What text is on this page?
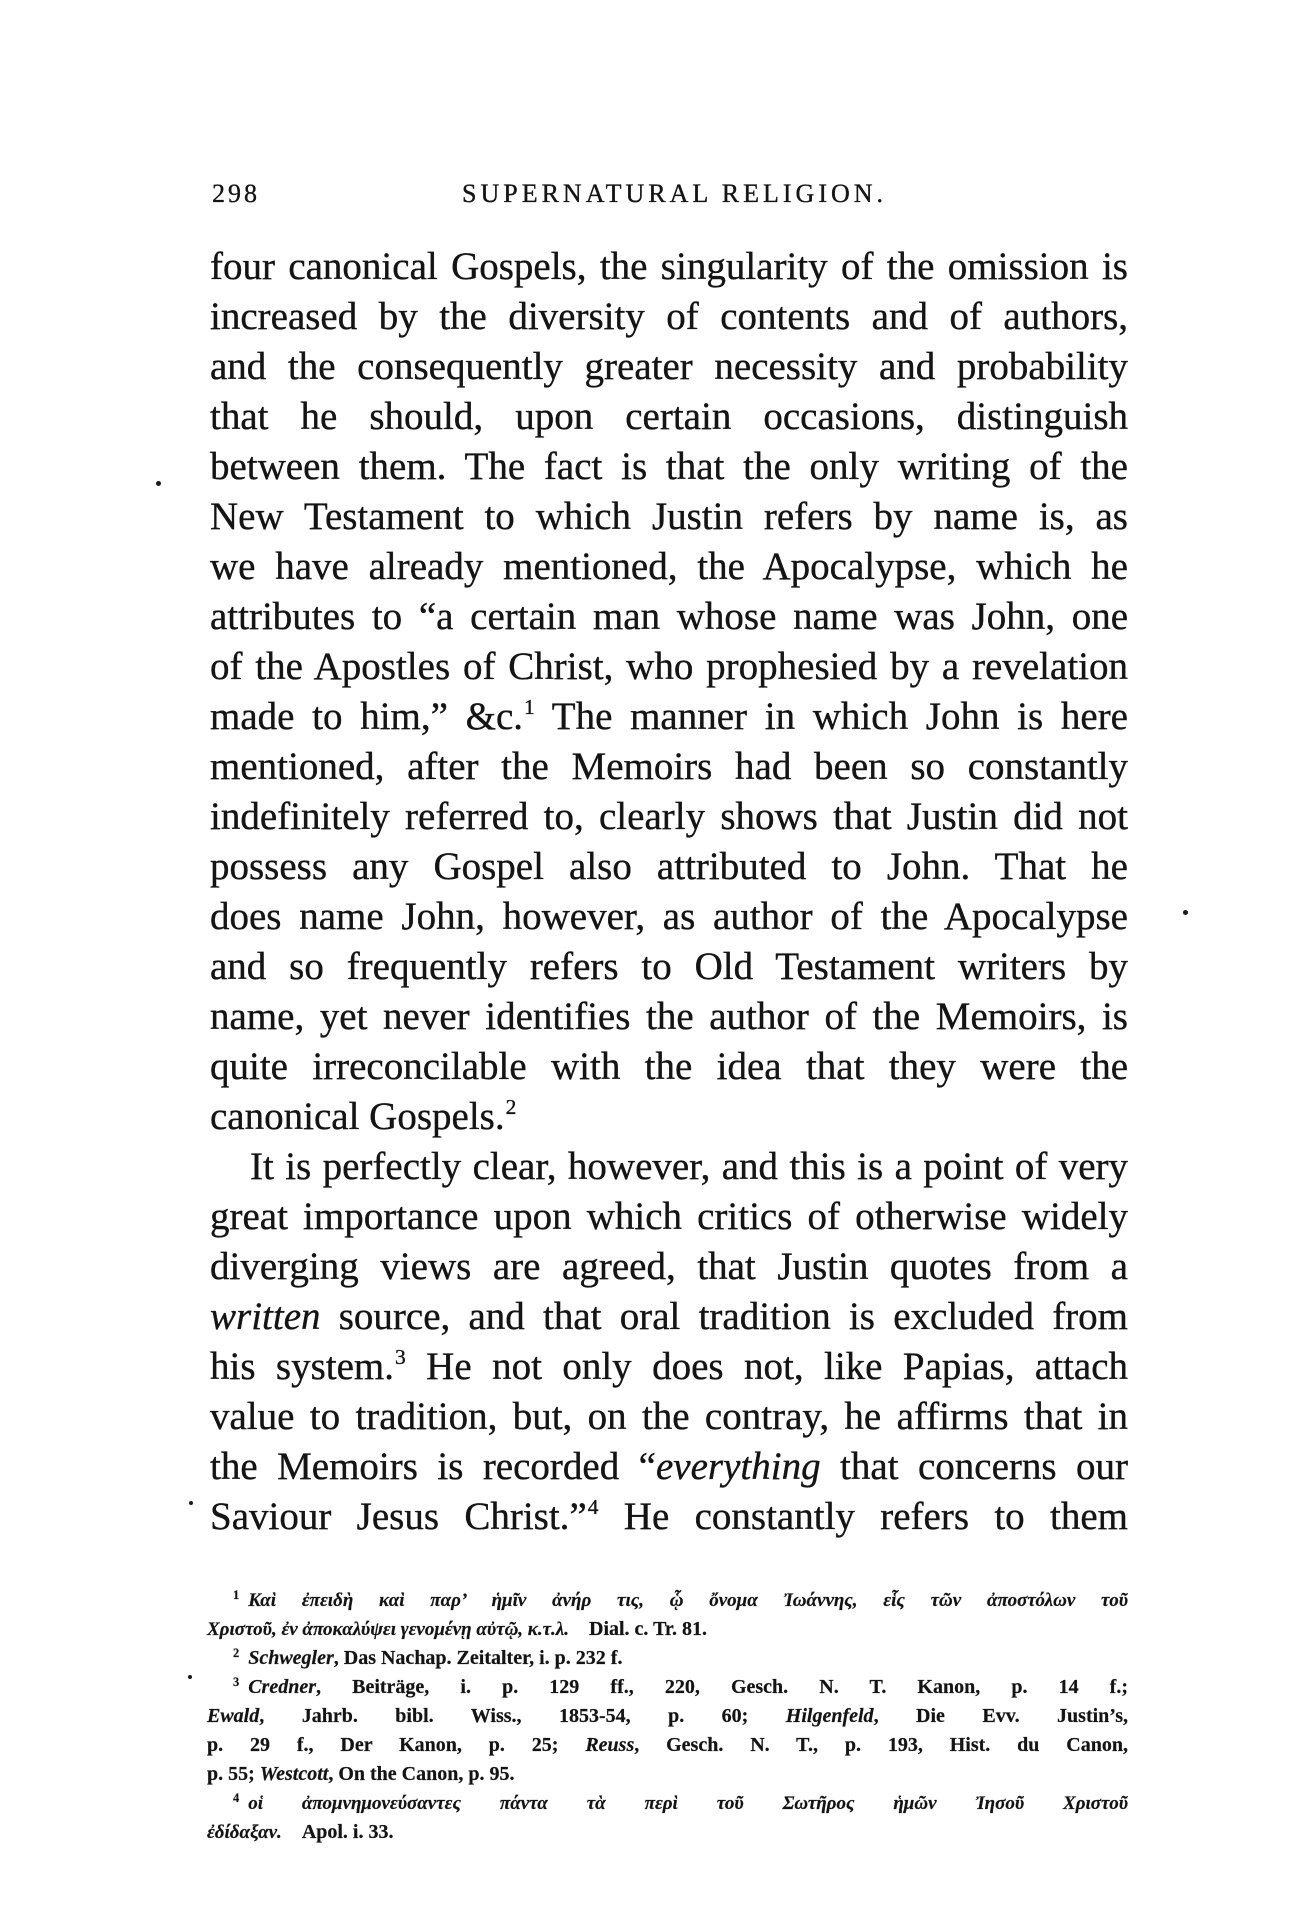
298	SUPERNATURAL RELIGION.
four canonical Gospels, the singularity of the omission is
increased by the diversity of contents and of authors,
and the consequently greater necessity and probability
that he should, upon certain occasions, distinguish
between them. The fact is that the only writing of the
New Testament to which Justin refers by name is, as
we have already mentioned, the Apocalypse, which he
attributes to “a certain man whose name was John, one
of the Apostles of Christ, who prophesied by a revelation
made to him,” &c.$^1$ The manner in which John is here
mentioned, after the Memoirs had been so constantly
indefinitely referred to, clearly shows that Justin did not
possess any Gospel also attributed to John. That he
does name John, however, as author of the Apocalypse
and so frequently refers to Old Testament writers by
name, yet never identifies the author of the Memoirs, is
quite irreconcilable with the idea that they were the
canonical Gospels.$^2$
It is perfectly clear, however, and this is a point of very
great importance upon which critics of otherwise widely
diverging views are agreed, that Justin quotes from a
written source, and that oral tradition is excluded from
his system.$^3$ He not only does not, like Papias, attach
value to tradition, but, on the contray, he affirms that in
the Memoirs is recorded “everything that concerns our
Saviour Jesus Christ.”$^4$ He constantly refers to them
$^1$ Καὶ ἐπειδὴ καὶ παρ’ ἡμῖν ἀνήρ τις, ᾧ ὄνομα Ἰωάννης, εἷς τῶν ἀποστόλων τοῦ
Χριστοῦ, ἐν ἀποκαλύψει γενομένῃ αὐτῷ, κ.τ.λ. Dial. c. Tr. 81.
$^2$ Schwegler, Das Nachap. Zeitalter, i. p. 232 f.
$^3$ Credner, Beiträge, i. p. 129 ff., 220, Gesch. N. T. Kanon, p. 14 f.;
Ewald, Jahrb. bibl. Wiss., 1853-54, p. 60; Hilgenfeld, Die Evv. Justin’s,
p. 29 f., Der Kanon, p. 25; Reuss, Gesch. N. T., p. 193, Hist. du Canon,
p. 55; Westcott, On the Canon, p. 95.
$^4$ οἱ ἀπομνημονεύσαντες πάντα τὰ περὶ τοῦ Σωτῆρος ἡμῶν Ἰησοῦ Χριστοῦ
ἐδίδαξαν. Apol. i. 33.
